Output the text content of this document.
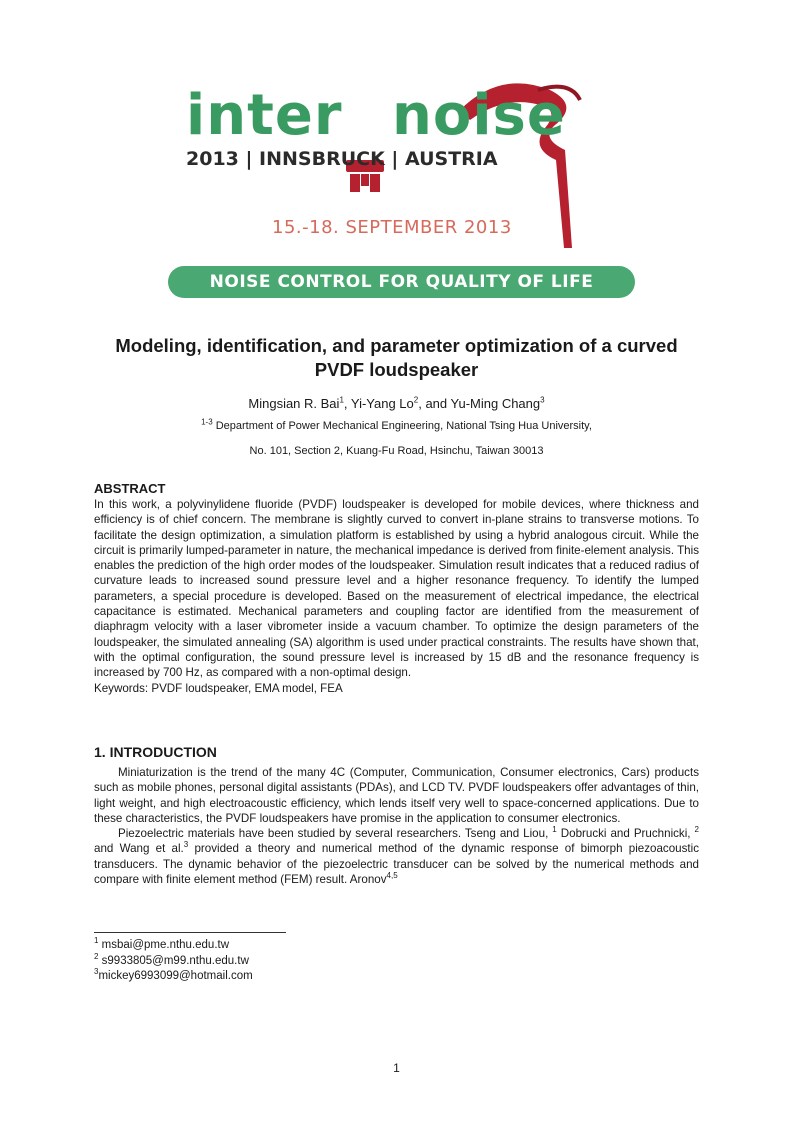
inter noise
2013 | INNSBRUCK | AUSTRIA
15.-18. SEPTEMBER 2013
NOISE CONTROL FOR QUALITY OF LIFE
Modeling, identification, and parameter optimization of a curved
PVDF loudspeaker
Mingsian R. Bai$^1$, Yi-Yang Lo$^2$, and Yu-Ming Chang$^3$
$^{1-3}$ Department of Power Mechanical Engineering, National Tsing Hua University,
No. 101, Section 2, Kuang-Fu Road, Hsinchu, Taiwan 30013
ABSTRACT

In this work, a polyvinylidene fluoride (PVDF) loudspeaker is developed for mobile devices, where thickness and efficiency is of chief concern. The membrane is slightly curved to convert in-plane strains to transverse motions. To facilitate the design optimization, a simulation platform is established by using a hybrid analogous circuit. While the circuit is primarily lumped-parameter in nature, the mechanical impedance is derived from finite-element analysis. This enables the prediction of the high order modes of the loudspeaker. Simulation result indicates that a reduced radius of curvature leads to increased sound pressure level and a higher resonance frequency. To identify the lumped parameters, a special procedure is developed. Based on the measurement of electrical impedance, the electrical capacitance is estimated. Mechanical parameters and coupling factor are identified from the measurement of diaphragm velocity with a laser vibrometer inside a vacuum chamber. To optimize the design parameters of the loudspeaker, the simulated annealing (SA) algorithm is used under practical constraints. The results have shown that, with the optimal configuration, the sound pressure level is increased by 15 dB and the resonance frequency is increased by 700 Hz, as compared with a non-optimal design.

Keywords: PVDF loudspeaker, EMA model, FEA

1. INTRODUCTION

Miniaturization is the trend of the many 4C (Computer, Communication, Consumer electronics, Cars) products such as mobile phones, personal digital assistants (PDAs), and LCD TV. PVDF loudspeakers offer advantages of thin, light weight, and high electroacoustic efficiency, which lends itself very well to space-concerned applications. Due to these characteristics, the PVDF loudspeakers have promise in the application to consumer electronics.

Piezoelectric materials have been studied by several researchers. Tseng and Liou, $^1$ Dobrucki and Pruchnicki, $^2$ and Wang et al.$^3$ provided a theory and numerical method of the dynamic response of bimorph piezoacoustic transducers. The dynamic behavior of the piezoelectric transducer can be solved by the numerical methods and compare with finite element method (FEM) result. Aronov$^{4,5}$

$^1$ msbai@pme.nthu.edu.tw
$^2$ s9933805@m99.nthu.edu.tw
$^3$mickey6993099@hotmail.com
1
